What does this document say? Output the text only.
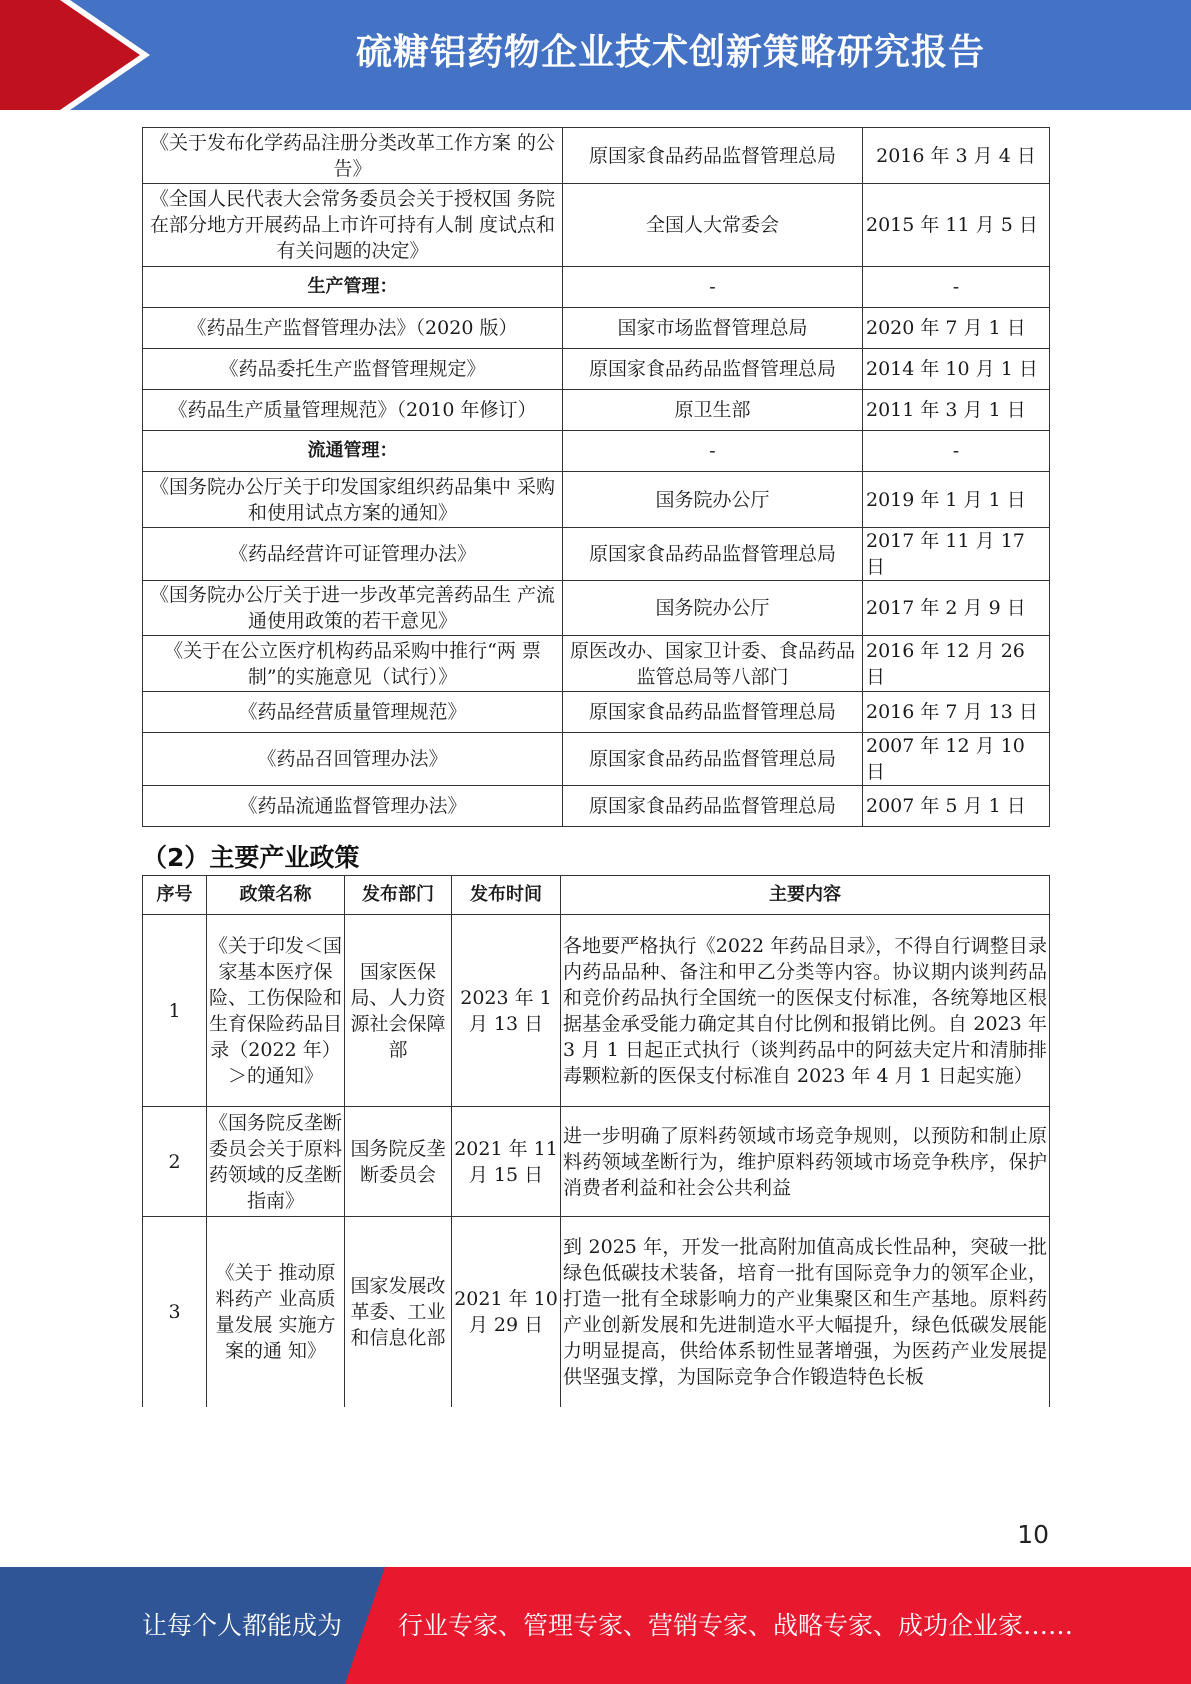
硫糖铝药物企业技术创新策略研究报告
《关于发布化学药品注册分类改革工作方案 的公告》	原国家食品药品监督管理总局	2016 年 3 月 4 日
《全国人民代表大会常务委员会关于授权国 务院在部分地方开展药品上市许可持有人制 度试点和有关问题的决定》	全国人大常委会	2015 年 11 月 5 日
生产管理：	-	-
《药品生产监督管理办法》（2020 版）	国家市场监督管理总局	2020 年 7 月 1 日
《药品委托生产监督管理规定》	原国家食品药品监督管理总局	2014 年 10 月 1 日
《药品生产质量管理规范》（2010 年修订）	原卫生部	2011 年 3 月 1 日
流通管理：	-	-
《国务院办公厅关于印发国家组织药品集中 采购和使用试点方案的通知》	国务院办公厅	2019 年 1 月 1 日
《药品经营许可证管理办法》	原国家食品药品监督管理总局	2017 年 11 月 17 日
《国务院办公厅关于进一步改革完善药品生 产流通使用政策的若干意见》	国务院办公厅	2017 年 2 月 9 日
《关于在公立医疗机构药品采购中推行“两 票制”的实施意见（试行）》	原医改办、国家卫计委、食品药品监管总局等八部门	2016 年 12 月 26 日
《药品经营质量管理规范》	原国家食品药品监督管理总局	2016 年 7 月 13 日
《药品召回管理办法》	原国家食品药品监督管理总局	2007 年 12 月 10 日
《药品流通监督管理办法》	原国家食品药品监督管理总局	2007 年 5 月 1 日
（2）主要产业政策
序号	政策名称	发布部门	发布时间	主要内容
1	《关于印发＜国家基本医疗保险、工伤保险和生育保险药品目录（2022 年）＞的通知》	国家医保局、人力资源社会保障部	2023 年 1 月 13 日	各地要严格执行《2022 年药品目录》，不得自行调整目录内药品品种、备注和甲乙分类等内容。协议期内谈判药品和竞价药品执行全国统一的医保支付标准，各统筹地区根据基金承受能力确定其自付比例和报销比例。自 2023 年 3 月 1 日起正式执行（谈判药品中的阿兹夫定片和清肺排毒颗粒新的医保支付标准自 2023 年 4 月 1 日起实施）
2	《国务院反垄断委员会关于原料药领域的反垄断指南》	国务院反垄断委员会	2021 年 11 月 15 日	进一步明确了原料药领域市场竞争规则，以预防和制止原料药领域垄断行为，维护原料药领域市场竞争秩序，保护消费者利益和社会公共利益
3	《关于 推动原料药产 业高质量发展 实施方案的通 知》	国家发展改革委、工业和信息化部	2021 年 10 月 29 日	到 2025 年，开发一批高附加值高成长性品种，突破一批绿色低碳技术装备，培育一批有国际竞争力的领军企业，打造一批有全球影响力的产业集聚区和生产基地。原料药产业创新发展和先进制造水平大幅提升，绿色低碳发展能力明显提高，供给体系韧性显著增强，为医药产业发展提供坚强支撑，为国际竞争合作锻造特色长板
10
让每个人都能成为 行业专家、管理专家、营销专家、战略专家、成功企业家……
